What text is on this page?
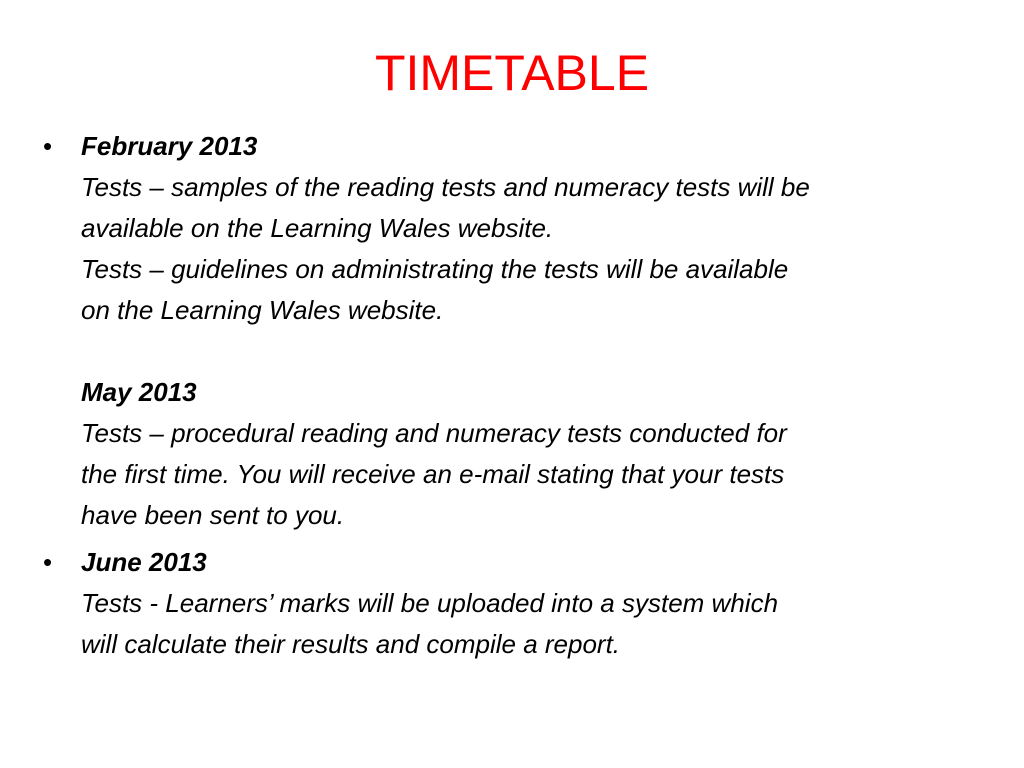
TIMETABLE
• February 2013
Tests – samples of the reading tests and numeracy tests will be
available on the Learning Wales website.
Tests – guidelines on administrating the tests will be available
on the Learning Wales website.
May 2013
Tests – procedural reading and numeracy tests conducted for
the first time. You will receive an e-mail stating that your tests
have been sent to you.
• June 2013
Tests - Learners’ marks will be uploaded into a system which
will calculate their results and compile a report.
